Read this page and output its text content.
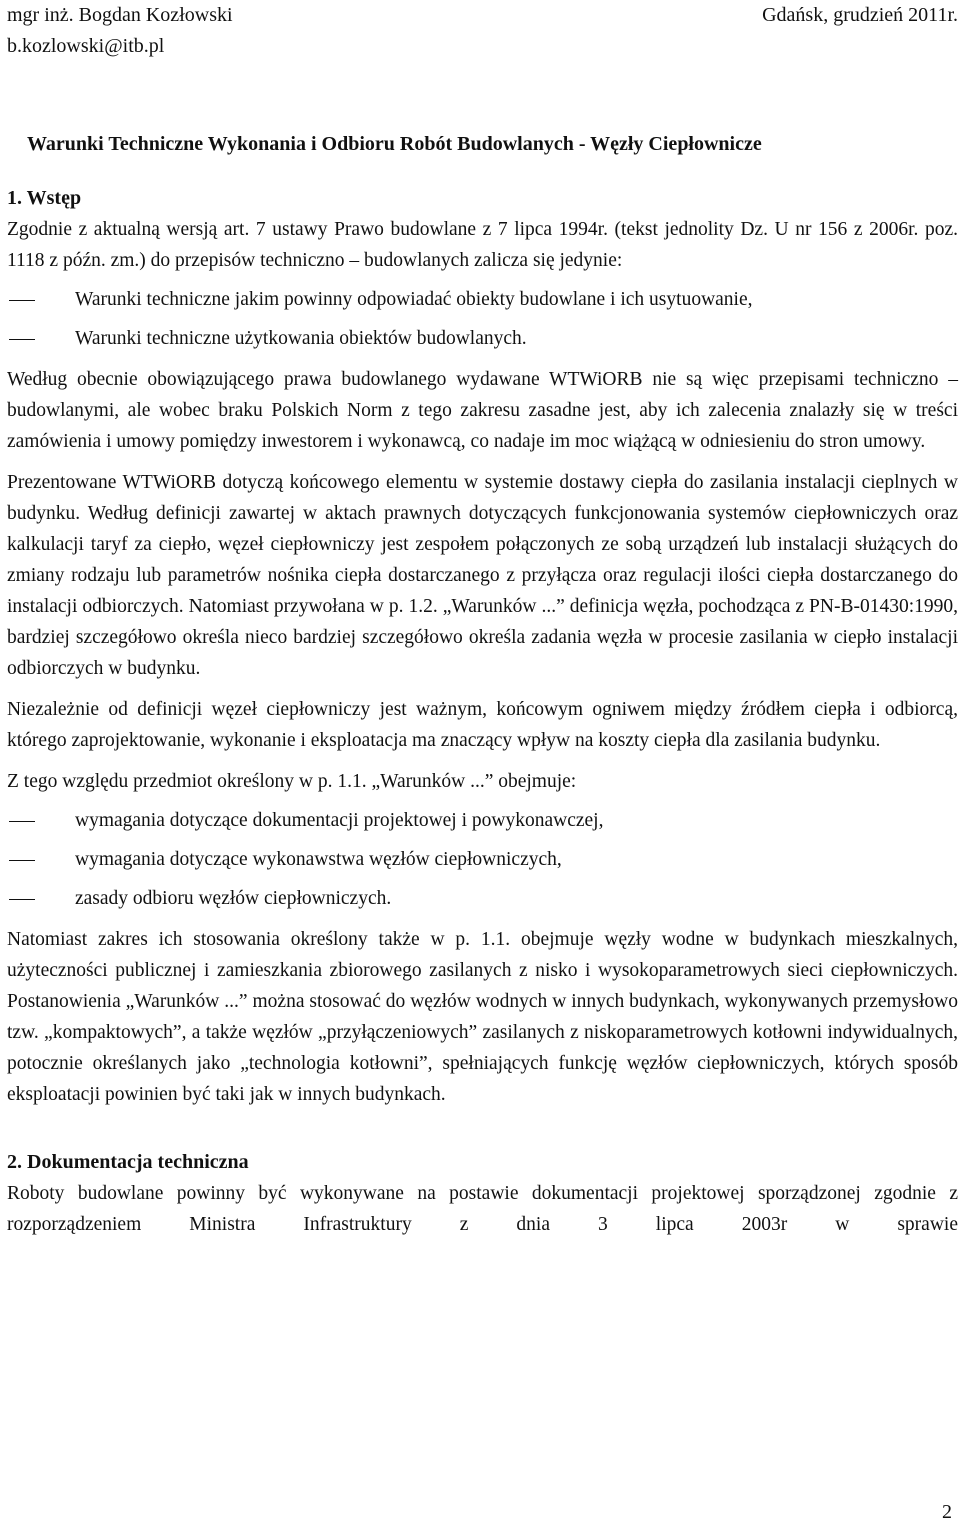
mgr inż. Bogdan Kozłowski	Gdańsk, grudzień 2011r.
b.kozlowski@itb.pl
Warunki Techniczne Wykonania i Odbioru Robót Budowlanych - Węzły Ciepłownicze
1. Wstęp

Zgodnie z aktualną wersją art. 7 ustawy Prawo budowlane z 7 lipca 1994r. (tekst jednolity Dz. U nr 156 z 2006r. poz. 1118 z późn. zm.) do przepisów techniczno – budowlanych zalicza się jedynie:

Warunki techniczne jakim powinny odpowiadać obiekty budowlane i ich usytuowanie,
Warunki techniczne użytkowania obiektów budowlanych.

Według obecnie obowiązującego prawa budowlanego wydawane WTWiORB nie są więc przepisami techniczno – budowlanymi, ale wobec braku Polskich Norm z tego zakresu zasadne jest, aby ich zalecenia znalazły się w treści zamówienia i umowy pomiędzy inwestorem i wykonawcą, co nadaje im moc wiążącą w odniesieniu do stron umowy.

Prezentowane WTWiORB dotyczą końcowego elementu w systemie dostawy ciepła do zasilania instalacji cieplnych w budynku. Według definicji zawartej w aktach prawnych dotyczących funkcjonowania systemów ciepłowniczych oraz kalkulacji taryf za ciepło, węzeł ciepłowniczy jest zespołem połączonych ze sobą urządzeń lub instalacji służących do zmiany rodzaju lub parametrów nośnika ciepła dostarczanego z przyłącza oraz regulacji ilości ciepła dostarczanego do instalacji odbiorczych. Natomiast przywołana w p. 1.2. „Warunków ...” definicja węzła, pochodząca z PN-B-01430:1990, bardziej szczegółowo określa nieco bardziej szczegółowo określa zadania węzła w procesie zasilania w ciepło instalacji odbiorczych w budynku.

Niezależnie od definicji węzeł ciepłowniczy jest ważnym, końcowym ogniwem między źródłem ciepła i odbiorcą, którego zaprojektowanie, wykonanie i eksploatacja ma znaczący wpływ na koszty ciepła dla zasilania budynku.

Z tego względu przedmiot określony w p. 1.1. „Warunków ...” obejmuje:

wymagania dotyczące dokumentacji projektowej i powykonawczej,
wymagania dotyczące wykonawstwa węzłów ciepłowniczych,
zasady odbioru węzłów ciepłowniczych.

Natomiast zakres ich stosowania określony także w p. 1.1. obejmuje węzły wodne w budynkach mieszkalnych, użyteczności publicznej i zamieszkania zbiorowego zasilanych z nisko i wysokoparametrowych sieci ciepłowniczych. Postanowienia „Warunków ...” można stosować do węzłów wodnych w innych budynkach, wykonywanych przemysłowo tzw. „kompaktowych”, a także węzłów „przyłączeniowych” zasilanych z niskoparametrowych kotłowni indywidualnych, potocznie określanych jako „technologia kotłowni”, spełniających funkcję węzłów ciepłowniczych, których sposób eksploatacji powinien być taki jak w innych budynkach.

2. Dokumentacja techniczna

Roboty budowlane powinny być wykonywane na postawie dokumentacji projektowej sporządzonej zgodnie z rozporządzeniem Ministra Infrastruktury z dnia 3 lipca 2003r w sprawie

2
